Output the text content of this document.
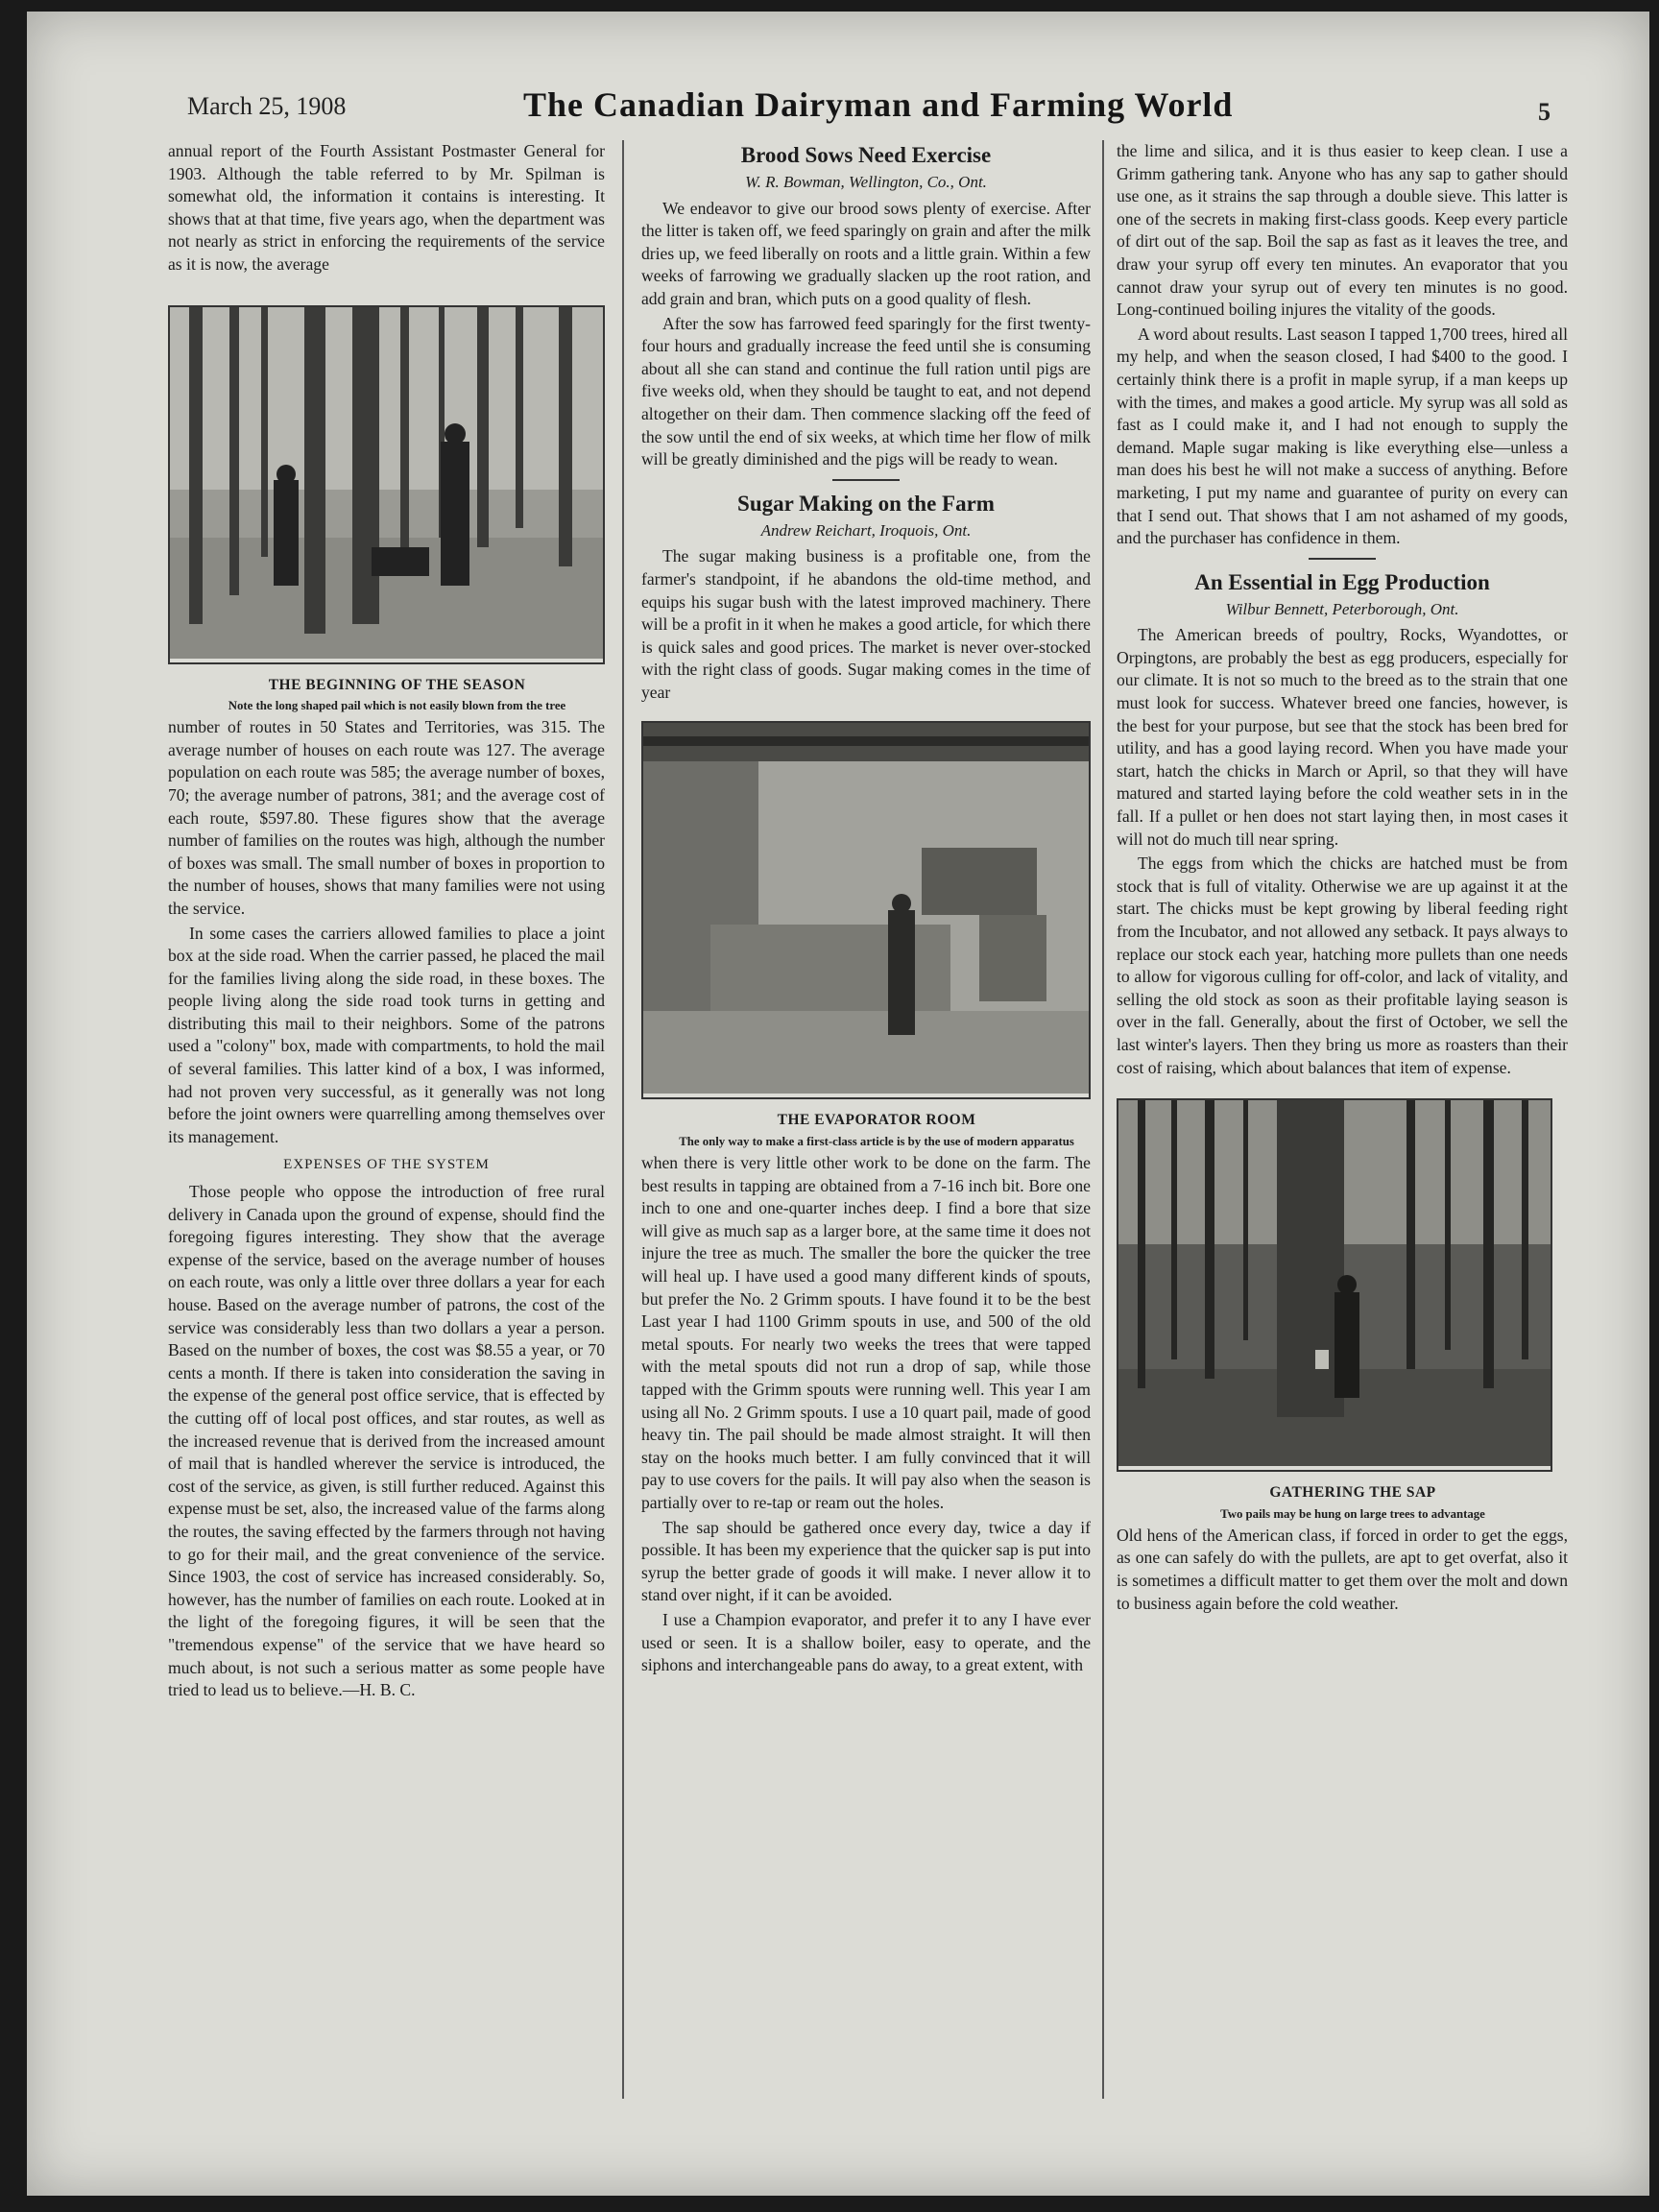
March 25, 1908	The Canadian Dairyman and Farming World	5

annual report of the Fourth Assistant Postmaster General for 1903. Although the table referred to by Mr. Spilman is somewhat old, the information it contains is interesting. It shows that at that time, five years ago, when the department was not nearly as strict in enforcing the requirements of the service as it is now, the average

THE BEGINNING OF THE SEASON

Note the long shaped pail which is not easily blown from the tree

number of routes in 50 States and Territories, was 315. The average number of houses on each route was 127. The average population on each route was 585; the average number of boxes, 70; the average number of patrons, 381; and the average cost of each route, $597.80. These figures show that the average number of families on the routes was high, although the number of boxes was small. The small number of boxes in proportion to the number of houses, shows that many families were not using the service.

In some cases the carriers allowed families to place a joint box at the side road. When the carrier passed, he placed the mail for the families living along the side road, in these boxes. The people living along the side road took turns in getting and distributing this mail to their neighbors. Some of the patrons used a "colony" box, made with compartments, to hold the mail of several families. This latter kind of a box, I was informed, had not proven very successful, as it generally was not long before the joint owners were quarrelling among themselves over its management.

EXPENSES OF THE SYSTEM

Those people who oppose the introduction of free rural delivery in Canada upon the ground of expense, should find the foregoing figures interesting. They show that the average expense of the service, based on the average number of houses on each route, was only a little over three dollars a year for each house. Based on the average number of patrons, the cost of the service was considerably less than two dollars a year a person. Based on the number of boxes, the cost was $8.55 a year, or 70 cents a month. If there is taken into consideration the saving in the expense of the general post office service, that is effected by the cutting off of local post offices, and star routes, as well as the increased revenue that is derived from the increased amount of mail that is handled wherever the service is introduced, the cost of the service, as given, is still further reduced. Against this expense must be set, also, the increased value of the farms along the routes, the saving effected by the farmers through not having to go for their mail, and the great convenience of the service. Since 1903, the cost of service has increased considerably. So, however, has the number of families on each route. Looked at in the light of the foregoing figures, it will be seen that the "tremendous expense" of the service that we have heard so much about, is not such a serious matter as some people have tried to lead us to believe.—H. B. C.

Brood Sows Need Exercise
W. R. Bowman, Wellington, Co., Ont.

We endeavor to give our brood sows plenty of exercise. After the litter is taken off, we feed sparingly on grain and after the milk dries up, we feed liberally on roots and a little grain. Within a few weeks of farrowing we gradually slacken up the root ration, and add grain and bran, which puts on a good quality of flesh.

After the sow has farrowed feed sparingly for the first twenty-four hours and gradually increase the feed until she is consuming about all she can stand and continue the full ration until pigs are five weeks old, when they should be taught to eat, and not depend altogether on their dam. Then commence slacking off the feed of the sow until the end of six weeks, at which time her flow of milk will be greatly diminished and the pigs will be ready to wean.

Sugar Making on the Farm
Andrew Reichart, Iroquois, Ont.

The sugar making business is a profitable one, from the farmer's standpoint, if he abandons the old-time method, and equips his sugar bush with the latest improved machinery. There will be a profit in it when he makes a good article, for which there is quick sales and good prices. The market is never over-stocked with the right class of goods. Sugar making comes in the time of year

THE EVAPORATOR ROOM

The only way to make a first-class article is by the use of modern apparatus

when there is very little other work to be done on the farm. The best results in tapping are obtained from a 7-16 inch bit. Bore one inch to one and one-quarter inches deep. I find a bore that size will give as much sap as a larger bore, at the same time it does not injure the tree as much. The smaller the bore the quicker the tree will heal up. I have used a good many different kinds of spouts, but prefer the No. 2 Grimm spouts. I have found it to be the best Last year I had 1100 Grimm spouts in use, and 500 of the old metal spouts. For nearly two weeks the trees that were tapped with the metal spouts did not run a drop of sap, while those tapped with the Grimm spouts were running well. This year I am using all No. 2 Grimm spouts. I use a 10 quart pail, made of good heavy tin. The pail should be made almost straight. It will then stay on the hooks much better. I am fully convinced that it will pay to use covers for the pails. It will pay also when the season is partially over to re-tap or ream out the holes.

The sap should be gathered once every day, twice a day if possible. It has been my experience that the quicker sap is put into syrup the better grade of goods it will make. I never allow it to stand over night, if it can be avoided.

I use a Champion evaporator, and prefer it to any I have ever used or seen. It is a shallow boiler, easy to operate, and the siphons and interchangeable pans do away, to a great extent, with

the lime and silica, and it is thus easier to keep clean. I use a Grimm gathering tank. Anyone who has any sap to gather should use one, as it strains the sap through a double sieve. This latter is one of the secrets in making first-class goods. Keep every particle of dirt out of the sap. Boil the sap as fast as it leaves the tree, and draw your syrup off every ten minutes. An evaporator that you cannot draw your syrup out of every ten minutes is no good. Long-continued boiling injures the vitality of the goods.

A word about results. Last season I tapped 1,700 trees, hired all my help, and when the season closed, I had $400 to the good. I certainly think there is a profit in maple syrup, if a man keeps up with the times, and makes a good article. My syrup was all sold as fast as I could make it, and I had not enough to supply the demand. Maple sugar making is like everything else—unless a man does his best he will not make a success of anything. Before marketing, I put my name and guarantee of purity on every can that I send out. That shows that I am not ashamed of my goods, and the purchaser has confidence in them.

An Essential in Egg Production
Wilbur Bennett, Peterborough, Ont.

The American breeds of poultry, Rocks, Wyandottes, or Orpingtons, are probably the best as egg producers, especially for our climate. It is not so much to the breed as to the strain that one must look for success. Whatever breed one fancies, however, is the best for your purpose, but see that the stock has been bred for utility, and has a good laying record. When you have made your start, hatch the chicks in March or April, so that they will have matured and started laying before the cold weather sets in in the fall. If a pullet or hen does not start laying then, in most cases it will not do much till near spring.

The eggs from which the chicks are hatched must be from stock that is full of vitality. Otherwise we are up against it at the start. The chicks must be kept growing by liberal feeding right from the Incubator, and not allowed any setback. It pays always to replace our stock each year, hatching more pullets than one needs to allow for vigorous culling for off-color, and lack of vitality, and selling the old stock as soon as their profitable laying season is over in the fall. Generally, about the first of October, we sell the last winter's layers. Then they bring us more as roasters than their cost of raising, which about balances that item of expense.

GATHERING THE SAP

Two pails may be hung on large trees to advantage

Old hens of the American class, if forced in order to get the eggs, as one can safely do with the pullets, are apt to get overfat, also it is sometimes a difficult matter to get them over the molt and down to business again before the cold weather.
